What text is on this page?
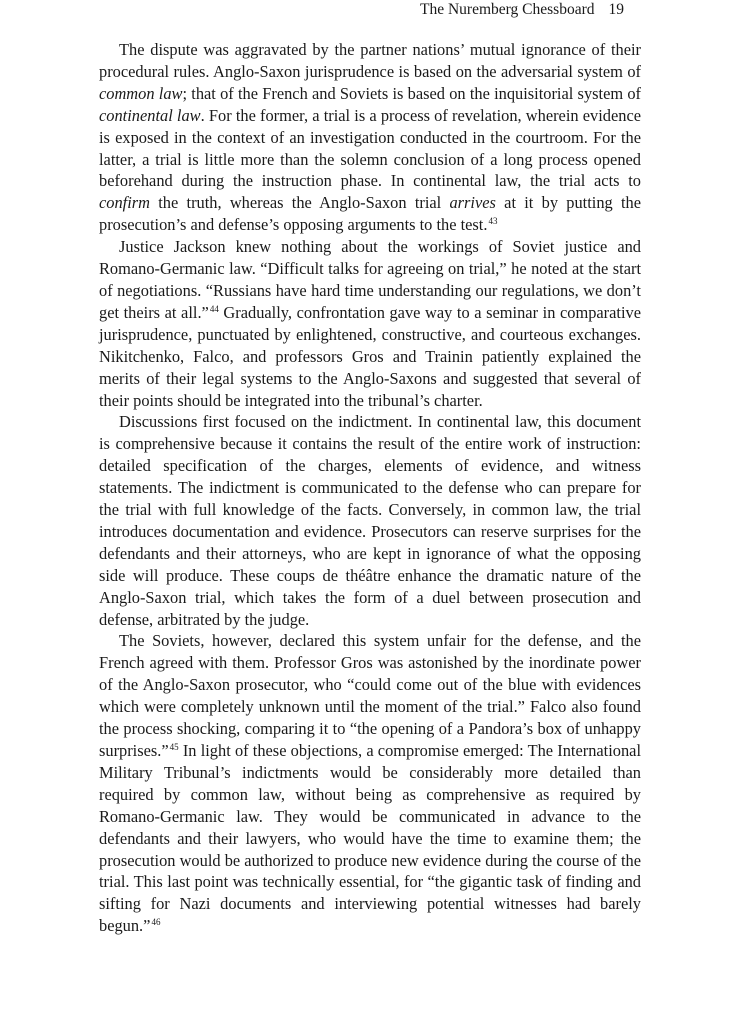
The Nuremberg Chessboard 19

The dispute was aggravated by the partner nations’ mutual ignorance of their procedural rules. Anglo-Saxon jurisprudence is based on the adversarial system of common law; that of the French and Soviets is based on the inquisitorial system of continental law. For the former, a trial is a process of revelation, wherein evidence is exposed in the context of an investigation conducted in the courtroom. For the latter, a trial is little more than the solemn conclusion of a long process opened beforehand during the instruction phase. In continental law, the trial acts to confirm the truth, whereas the Anglo-Saxon trial arrives at it by putting the prosecution’s and defense’s opposing arguments to the test.$^{43}$

Justice Jackson knew nothing about the workings of Soviet justice and Romano-Germanic law. “Difficult talks for agreeing on trial,” he noted at the start of negotiations. “Russians have hard time understanding our regulations, we don’t get theirs at all.”$^{44}$ Gradually, confrontation gave way to a seminar in comparative jurisprudence, punctuated by enlightened, constructive, and courteous exchanges. Nikitchenko, Falco, and professors Gros and Trainin patiently explained the merits of their legal systems to the Anglo-Saxons and suggested that several of their points should be integrated into the tribunal’s charter.

Discussions first focused on the indictment. In continental law, this document is comprehensive because it contains the result of the entire work of instruction: detailed specification of the charges, elements of evidence, and witness statements. The indictment is communicated to the defense who can prepare for the trial with full knowledge of the facts. Conversely, in common law, the trial introduces documentation and evidence. Prosecutors can reserve surprises for the defendants and their attorneys, who are kept in ignorance of what the opposing side will produce. These coups de théâtre enhance the dramatic nature of the Anglo-Saxon trial, which takes the form of a duel between prosecution and defense, arbitrated by the judge.

The Soviets, however, declared this system unfair for the defense, and the French agreed with them. Professor Gros was astonished by the inordinate power of the Anglo-Saxon prosecutor, who “could come out of the blue with evidences which were completely unknown until the moment of the trial.” Falco also found the process shocking, comparing it to “the opening of a Pandora’s box of unhappy surprises.”$^{45}$ In light of these objections, a compromise emerged: The International Military Tribunal’s indictments would be considerably more detailed than required by common law, without being as comprehensive as required by Romano-Germanic law. They would be communicated in advance to the defendants and their lawyers, who would have the time to examine them; the prosecution would be authorized to produce new evidence during the course of the trial. This last point was technically essential, for “the gigantic task of finding and sifting for Nazi documents and interviewing potential witnesses had barely begun.”$^{46}$
